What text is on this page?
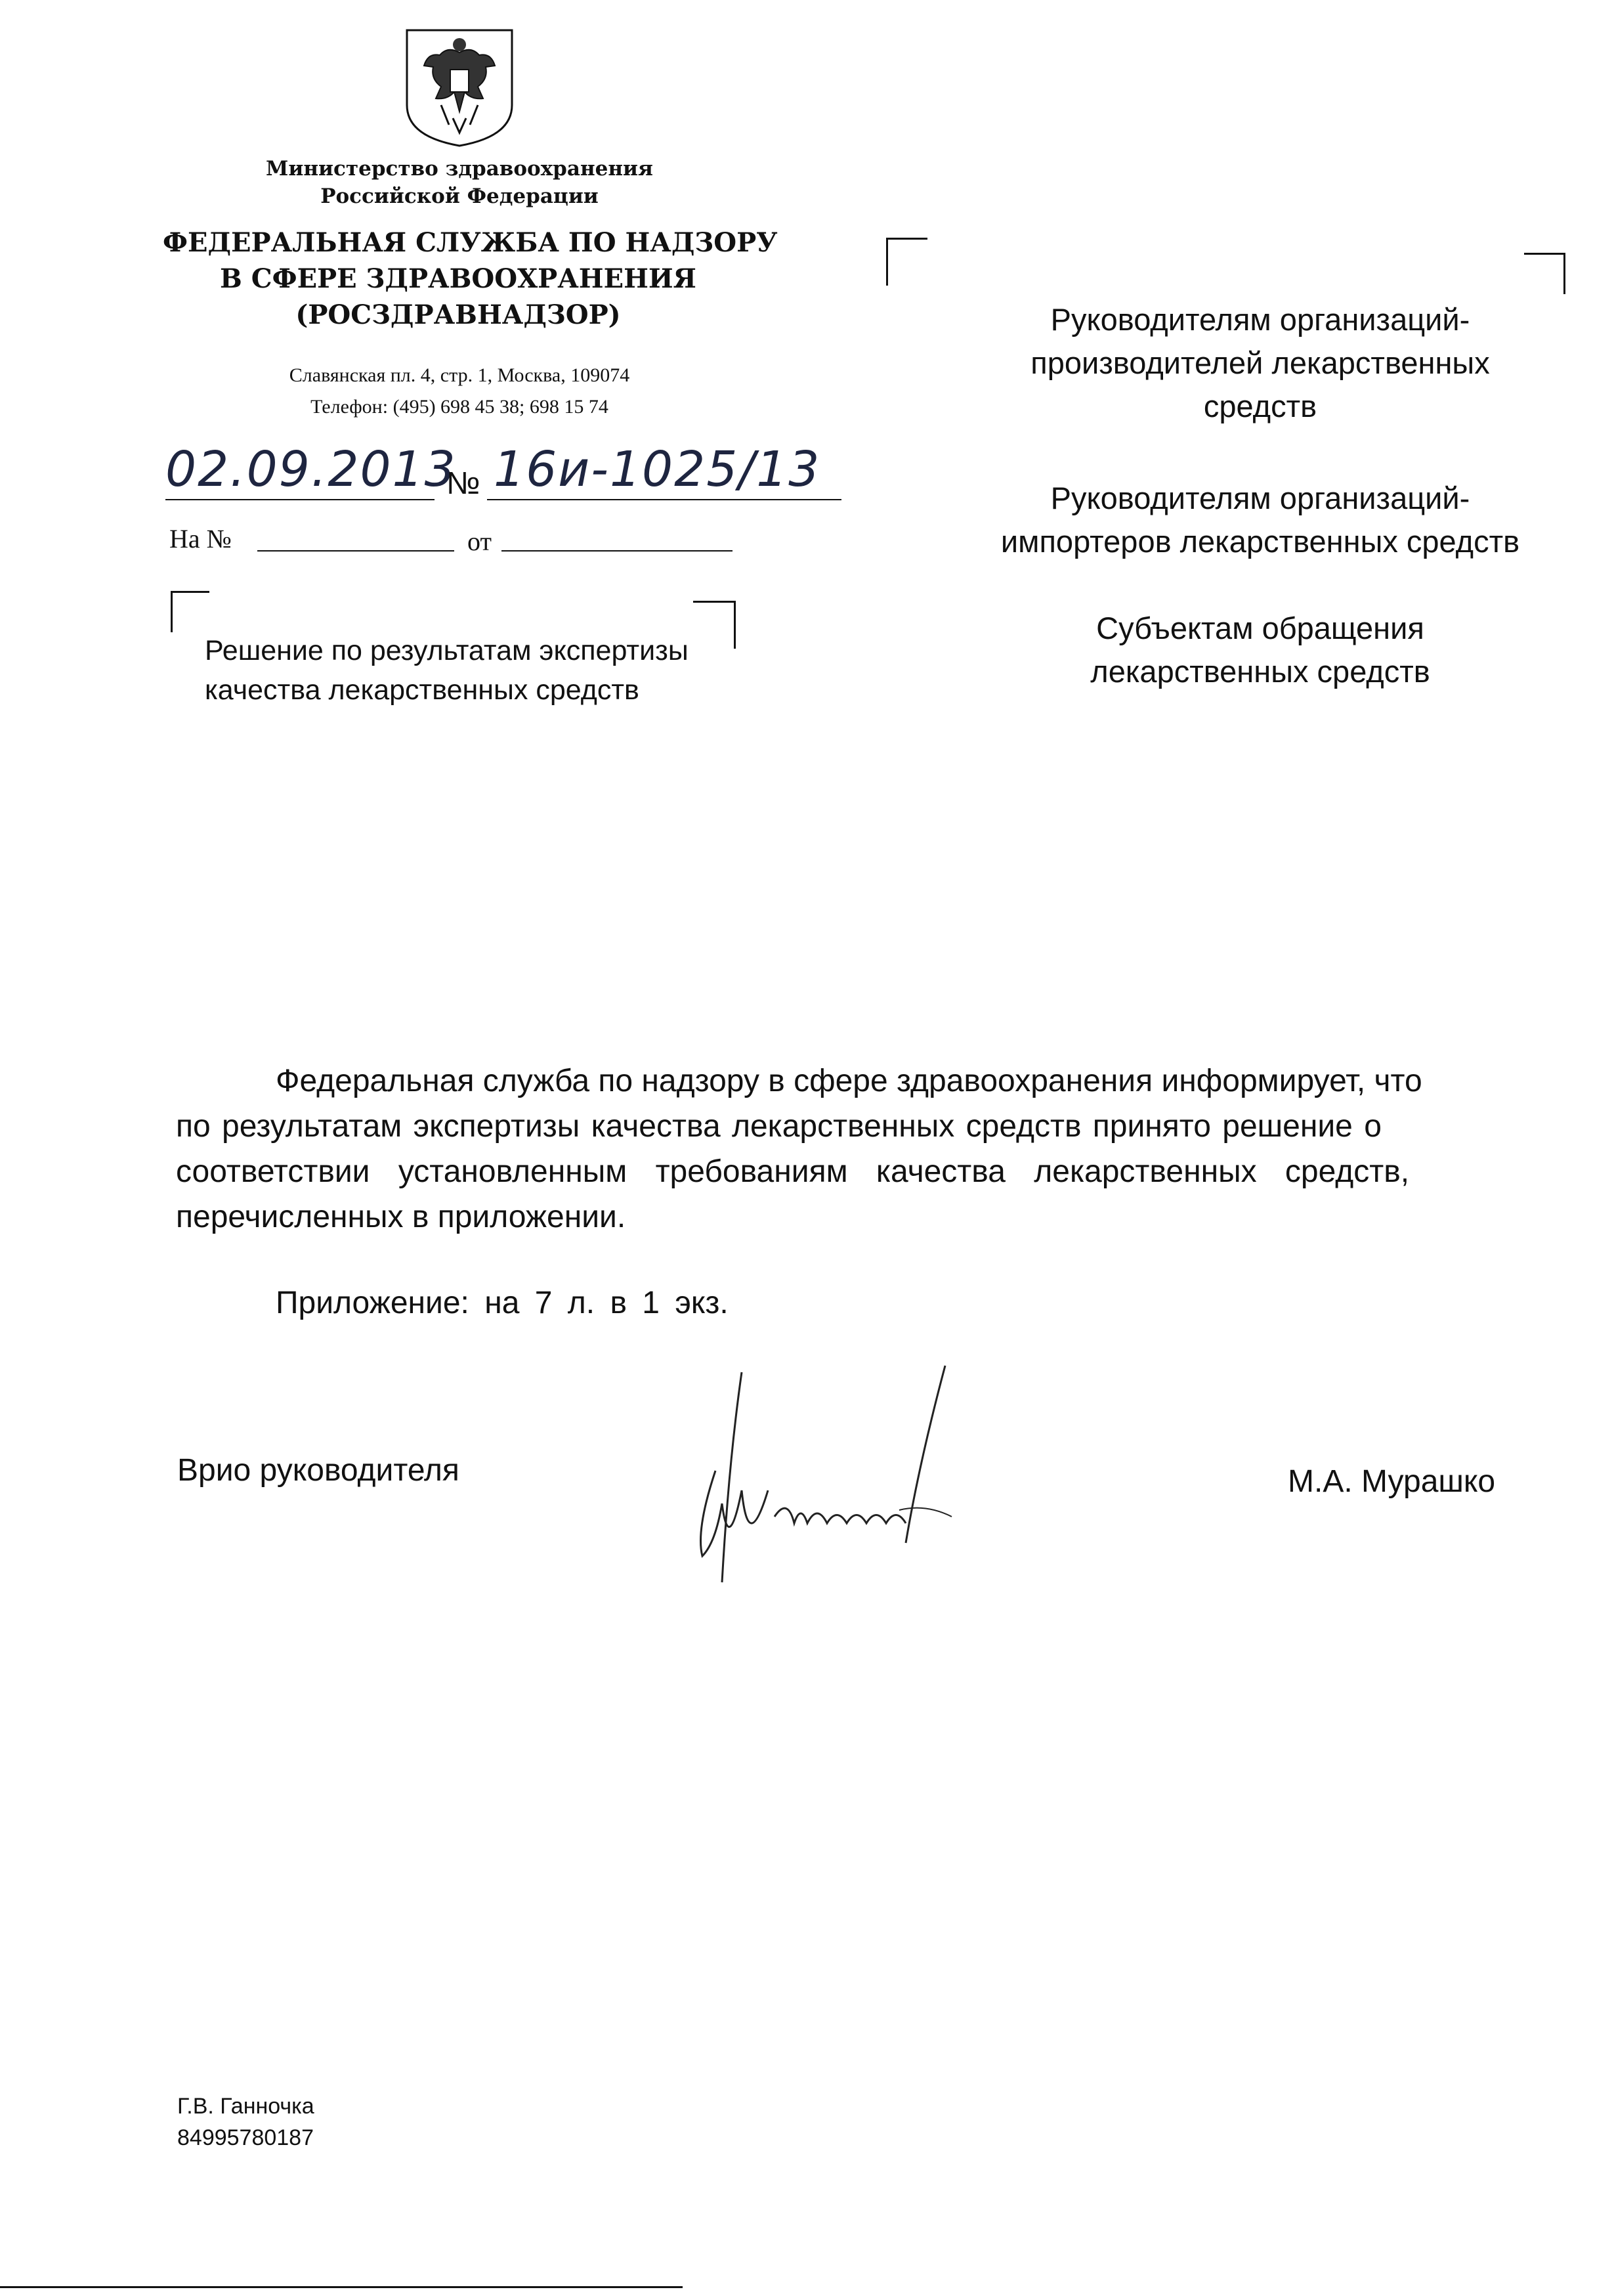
Министерство здравоохранения
Российской Федерации
ФЕДЕРАЛЬНАЯ СЛУЖБА ПО НАДЗОРУ
В СФЕРЕ ЗДРАВООХРАНЕНИЯ
(РОСЗДРАВНАДЗОР)
Славянская пл. 4, стр. 1, Москва, 109074
Телефон: (495) 698 45 38; 698 15 74
02.09.2013
№ 16и-1025/13
На №	от
Решение по результатам экспертизы
качества лекарственных средств
Руководителям организаций-
производителей лекарственных
средств
Руководителям организаций-
импортеров лекарственных средств
Субъектам обращения
лекарственных средств
Федеральная служба по надзору в сфере здравоохранения информирует, что
по результатам экспертизы качества лекарственных средств принято решение о
соответствии установленным требованиям качества лекарственных средств,
перечисленных в приложении.
Приложение: на 7 л. в 1 экз.
Врио руководителя	М.А. Мурашко
Г.В. Ганночка
84995780187
